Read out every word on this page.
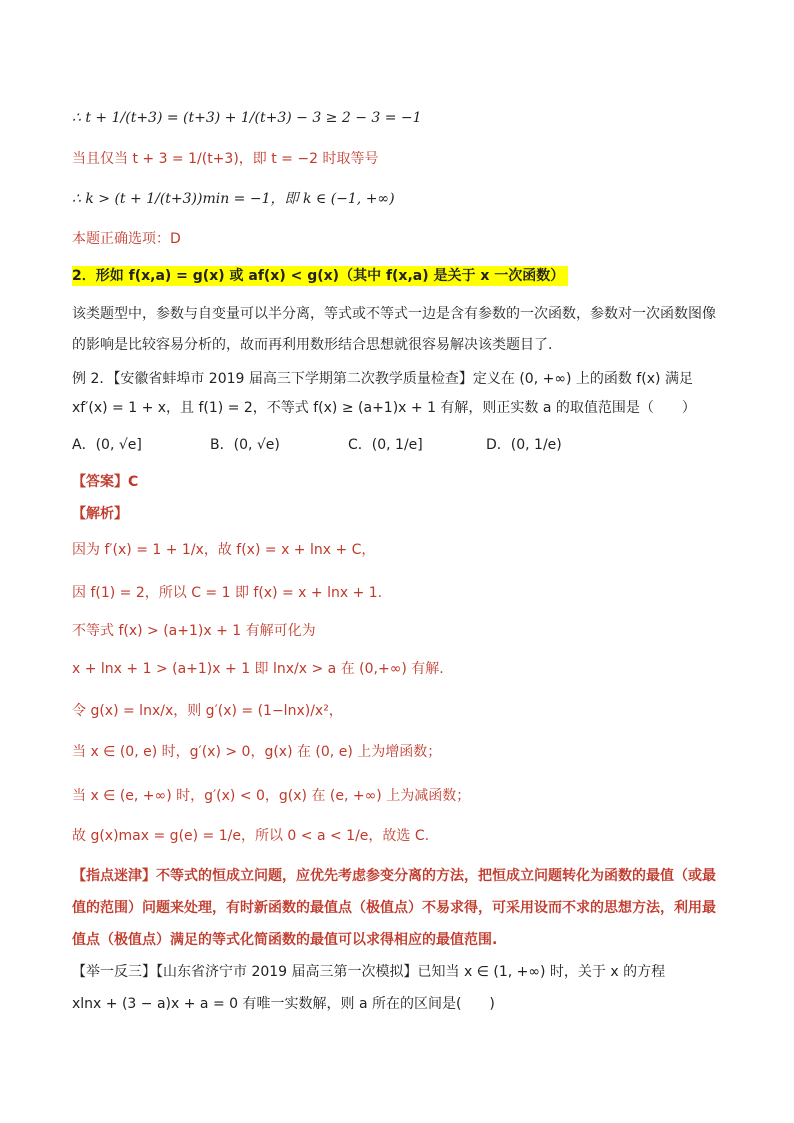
∴ t + 1/(t+3) = (t+3) + 1/(t+3) − 3 ≥ 2 − 3 = −1
当且仅当 t + 3 = 1/(t+3)，即 t = −2 时取等号
∴ k > (t + 1/(t+3))min = −1，即 k ∈ (−1, +∞)
本题正确选项：D
2．形如 f(x,a) = g(x) 或 af(x) < g(x)（其中 f(x,a) 是关于 x 一次函数）
该类题型中，参数与自变量可以半分离，等式或不等式一边是含有参数的一次函数，参数对一次函数图像
的影响是比较容易分析的，故而再利用数形结合思想就很容易解决该类题目了.
例 2．【安徽省蚌埠市 2019 届高三下学期第二次教学质量检查】定义在 (0, +∞) 上的函数 f(x) 满足
xf′(x) = 1 + x，且 f(1) = 2，不等式 f(x) ≥ (a+1)x + 1 有解，则正实数 a 的取值范围是（　　）
A．(0, √e]	B．(0, √e)	C．(0, 1/e]	D．(0, 1/e)
【答案】C
【解析】
因为 f′(x) = 1 + 1/x，故 f(x) = x + lnx + C，
因 f(1) = 2，所以 C = 1 即 f(x) = x + lnx + 1.
不等式 f(x) > (a+1)x + 1 有解可化为
x + lnx + 1 > (a+1)x + 1 即 lnx/x > a 在 (0,+∞) 有解.
令 g(x) = lnx/x，则 g′(x) = (1−lnx)/x²，
当 x ∈ (0, e) 时，g′(x) > 0，g(x) 在 (0, e) 上为增函数；
当 x ∈ (e, +∞) 时，g′(x) < 0，g(x) 在 (e, +∞) 上为减函数；
故 g(x)max = g(e) = 1/e，所以 0 < a < 1/e，故选 C.
【指点迷津】不等式的恒成立问题，应优先考虑参变分离的方法，把恒成立问题转化为函数的最值（或最
值的范围）问题来处理，有时新函数的最值点（极值点）不易求得，可采用设而不求的思想方法，利用最
值点（极值点）满足的等式化简函数的最值可以求得相应的最值范围.
【举一反三】【山东省济宁市 2019 届高三第一次模拟】已知当 x ∈ (1, +∞) 时，关于 x 的方程
xlnx + (3 − a)x + a = 0 有唯一实数解，则 a 所在的区间是(　　)
